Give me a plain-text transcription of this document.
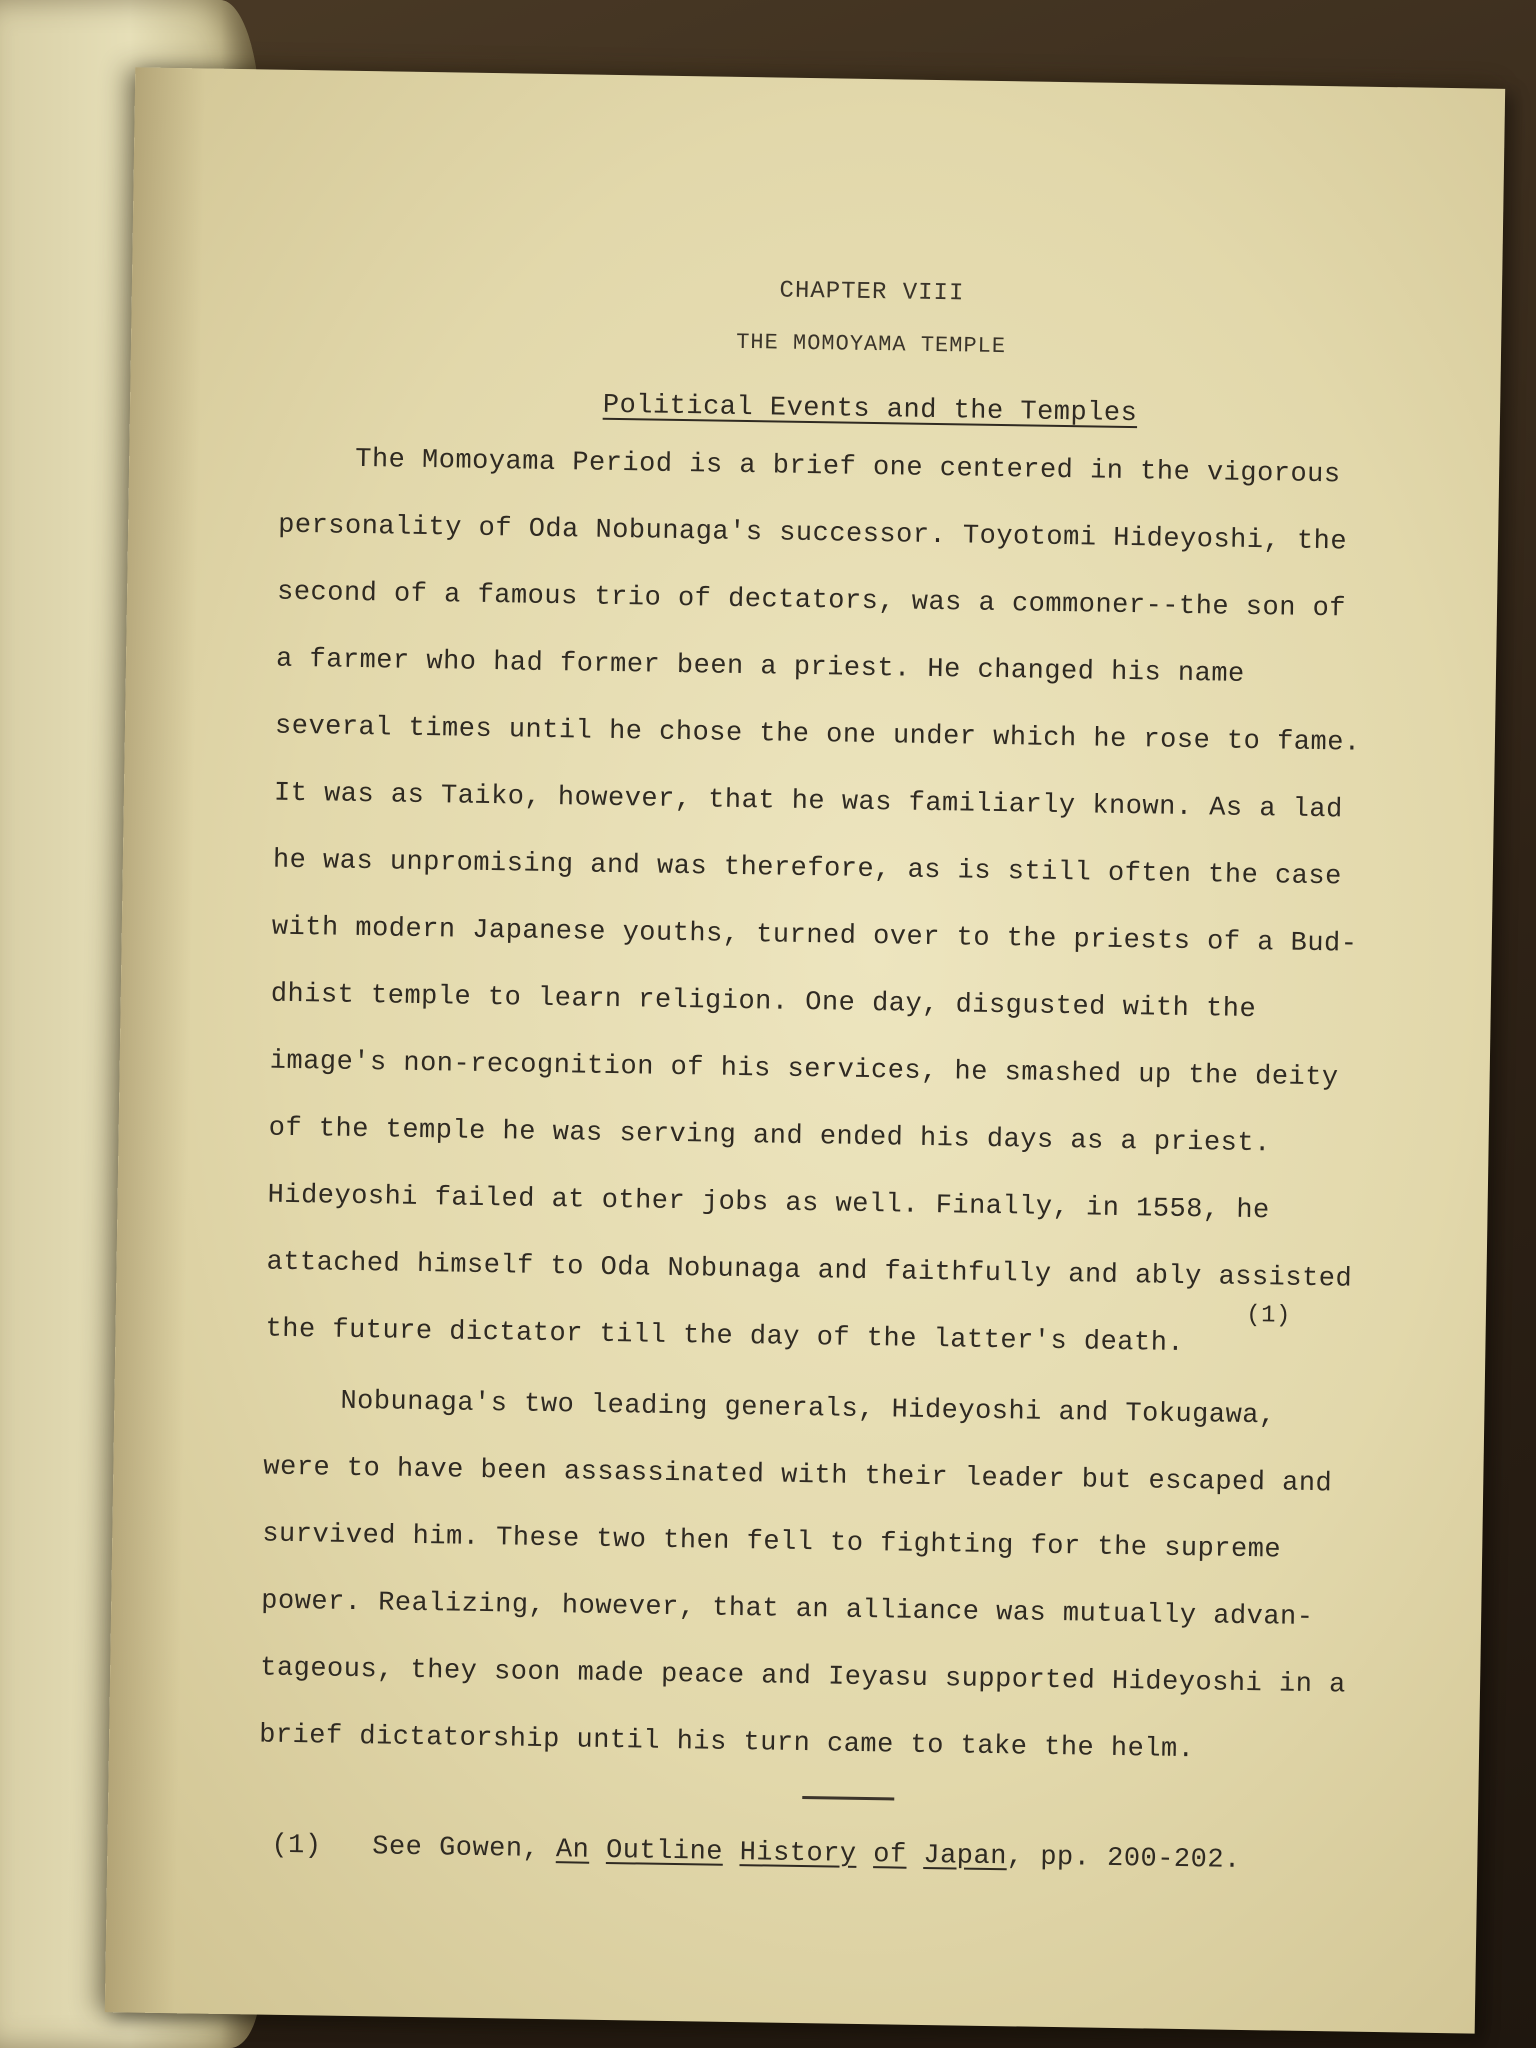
CHAPTER VIII
THE MOMOYAMA TEMPLE
Political Events and the Temples

The Momoyama Period is a brief one centered in the vigorous
personality of Oda Nobunaga's successor. Toyotomi Hideyoshi, the
second of a famous trio of dectators, was a commoner--the son of
a farmer who had former been a priest. He changed his name
several times until he chose the one under which he rose to fame.
It was as Taiko, however, that he was familiarly known. As a lad
he was unpromising and was therefore, as is still often the case
with modern Japanese youths, turned over to the priests of a Bud-
dhist temple to learn religion. One day, disgusted with the
image's non-recognition of his services, he smashed up the deity
of the temple he was serving and ended his days as a priest.
Hideyoshi failed at other jobs as well. Finally, in 1558, he
attached himself to Oda Nobunaga and faithfully and ably assisted
(1)
the future dictator till the day of the latter's death.

Nobunaga's two leading generals, Hideyoshi and Tokugawa,
were to have been assassinated with their leader but escaped and
survived him. These two then fell to fighting for the supreme
power. Realizing, however, that an alliance was mutually advan-
tageous, they soon made peace and Ieyasu supported Hideyoshi in a
brief dictatorship until his turn came to take the helm.

(1) See Gowen, An Outline History of Japan, pp. 200-202.
